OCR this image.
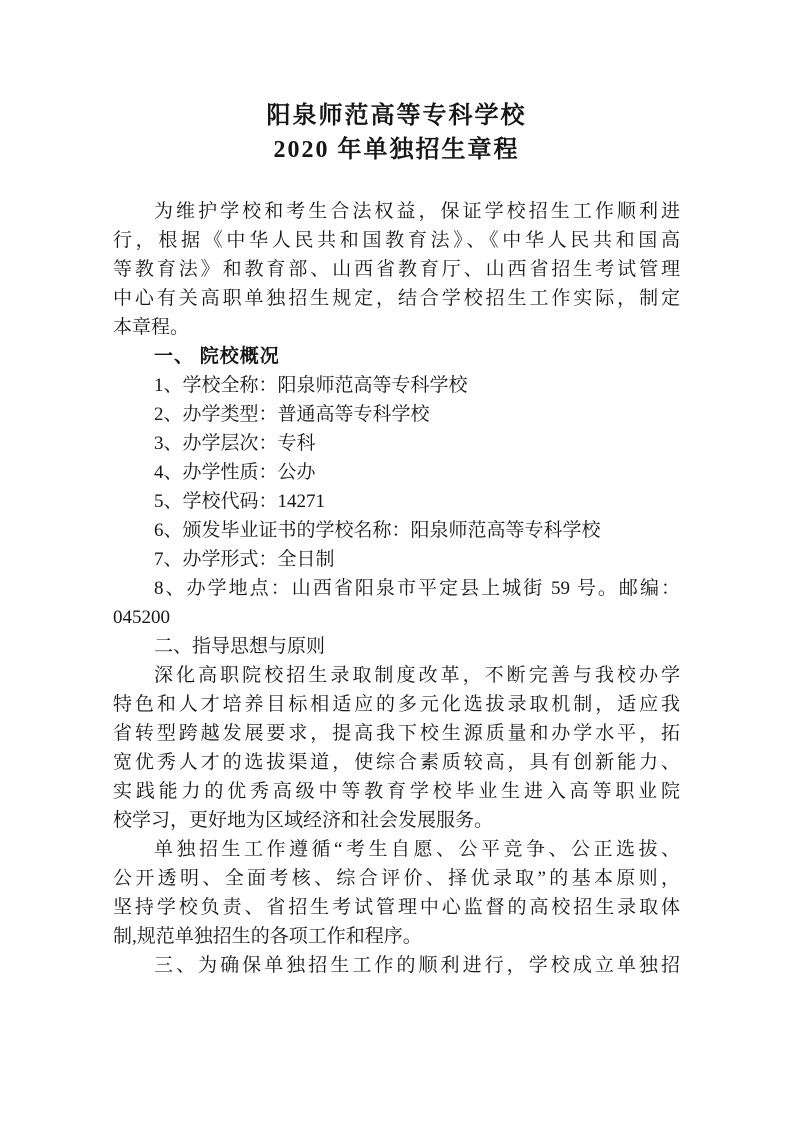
阳泉师范高等专科学校
2020 年单独招生章程
为维护学校和考生合法权益，保证学校招生工作顺利进
行，根据《中华人民共和国教育法》、《中华人民共和国高
等教育法》和教育部、山西省教育厅、山西省招生考试管理
中心有关高职单独招生规定，结合学校招生工作实际，制定
本章程。
一、 院校概况
1、学校全称：阳泉师范高等专科学校
2、办学类型：普通高等专科学校
3、办学层次：专科
4、办学性质：公办
5、学校代码：14271
6、颁发毕业证书的学校名称：阳泉师范高等专科学校
7、办学形式：全日制
8、办学地点：山西省阳泉市平定县上城街 59 号。邮编：
045200
二、指导思想与原则
深化高职院校招生录取制度改革，不断完善与我校办学
特色和人才培养目标相适应的多元化选拔录取机制，适应我
省转型跨越发展要求，提高我下校生源质量和办学水平，拓
宽优秀人才的选拔渠道，使综合素质较高，具有创新能力、
实践能力的优秀高级中等教育学校毕业生进入高等职业院
校学习，更好地为区域经济和社会发展服务。
单独招生工作遵循“考生自愿、公平竞争、公正选拔、
公开透明、全面考核、综合评价、择优录取”的基本原则，
坚持学校负责、省招生考试管理中心监督的高校招生录取体
制,规范单独招生的各项工作和程序。
三、为确保单独招生工作的顺利进行，学校成立单独招
